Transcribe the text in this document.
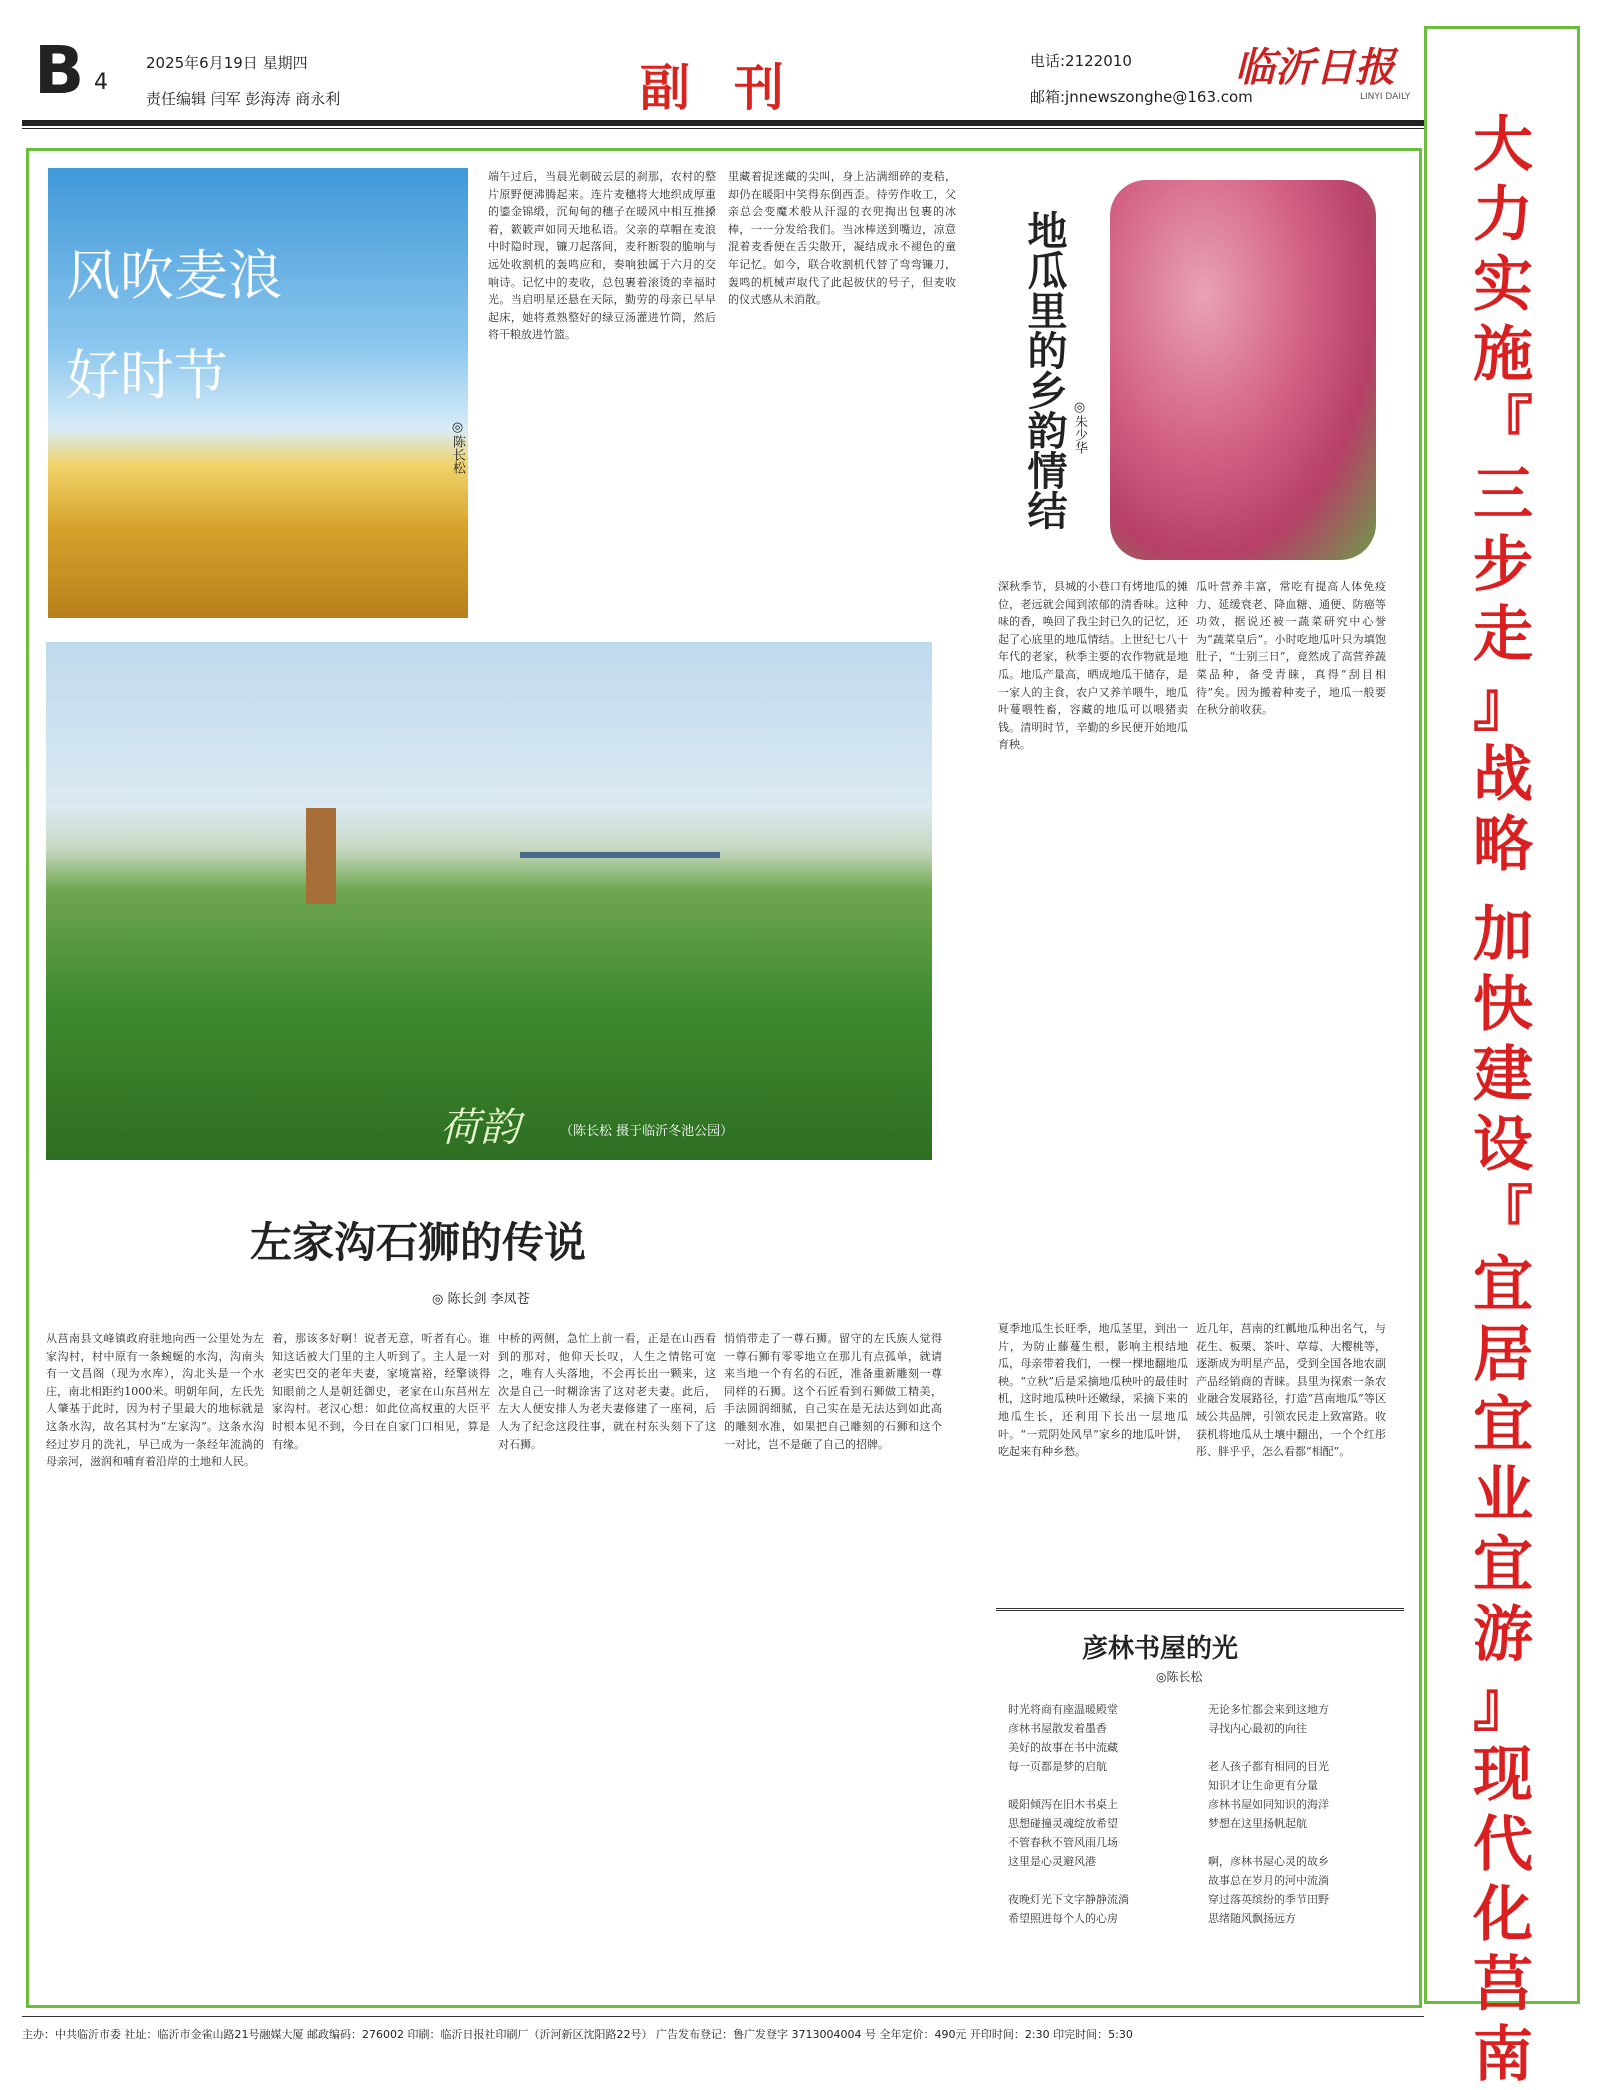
B 4
2025年6月19日 星期四
责任编辑 闫军 彭海涛 商永利	副刊	电话:2122010
邮箱:jnnewszonghe@163.com
临沂日报
LINYI DAILY
大
力
实
施
『
三
步
走
』
战
略

加
快
建
设
『
宜
居
宜
业
宜
游
』
现
代
化
莒
南
风吹麦浪
好时节
◎陈长松
端午过后，当晨光刺破云层的刹那，农村的整片原野便沸腾起来。连片麦穗将大地织成厚重的鎏金锦缎，沉甸甸的穗子在暖风中相互推搡着，簌簌声如同天地私语。父亲的草帽在麦浪中时隐时现，镰刀起落间，麦秆断裂的脆响与远处收割机的轰鸣应和，奏响独属于六月的交响诗。记忆中的麦收，总包裹着滚烫的幸福时光。当启明星还悬在天际，勤劳的母亲已早早起床，她将煮熟整好的绿豆汤灌进竹筒，然后将干粮放进竹篮。
里藏着捉迷藏的尖叫，身上沾满细碎的麦秸，却仍在暖阳中笑得东倒西歪。待劳作收工，父亲总会变魔术般从汗湿的衣兜掏出包裹的冰棒，一一分发给我们。当冰棒送到嘴边，凉意混着麦香便在舌尖散开，凝结成永不褪色的童年记忆。如今，联合收割机代替了弯弯镰刀，轰鸣的机械声取代了此起彼伏的号子，但麦收的仪式感从未消散。
荷韵	（陈长松 摄于临沂冬池公园）
地瓜里的乡韵情结 ◎朱少华
深秋季节，县城的小巷口有烤地瓜的摊位，老远就会闻到浓郁的清香味。这种味的香，唤回了我尘封已久的记忆，还起了心底里的地瓜情结。上世纪七八十年代的老家，秋季主要的农作物就是地瓜。地瓜产量高，晒成地瓜干储存，是一家人的主食，农户又养羊喂牛，地瓜叶蔓喂牲畜，容藏的地瓜可以喂猪卖钱。清明时节，辛勤的乡民便开始地瓜育秧。
瓜叶营养丰富，常吃有提高人体免疫力、延缓衰老、降血糖、通便、防癌等功效，据说还被一蔬菜研究中心誉为“蔬菜皇后”。小时吃地瓜叶只为填饱肚子，“士别三日”，竟然成了高营养蔬菜品种，备受青睐，真得“刮目相待”矣。因为搬着种麦子，地瓜一般要在秋分前收获。
夏季地瓜生长旺季，地瓜茎里，到出一片，为防止藤蔓生根，影响主根结地瓜，母亲带着我们，一棵一棵地翻地瓜秧。“立秋”后是采摘地瓜秧叶的最佳时机，这时地瓜秧叶还嫩绿，采摘下来的地瓜生长，还利用下长出一层地瓜叶。“一荒阴处风旱”家乡的地瓜叶饼，吃起来有种乡愁。
近几年，莒南的红瓤地瓜种出名气，与花生、板栗、茶叶、草莓、大樱桃等，逐渐成为明星产品，受到全国各地农副产品经销商的青睐。县里为探索一条农业融合发展路径，打造“莒南地瓜”等区域公共品牌，引领农民走上致富路。收获机将地瓜从土壤中翻出，一个个红彤彤、胖乎乎，怎么看都“相配”。
左家沟石狮的传说
◎ 陈长剑 李凤苍
从莒南县文峰镇政府驻地向西一公里处为左家沟村，村中原有一条蜿蜒的水沟，沟南头有一文昌阁（现为水库），沟北头是一个水庄，南北相距约1000米。明朝年间，左氏先人肇基于此时，因为村子里最大的地标就是这条水沟，故名其村为“左家沟”。这条水沟经过岁月的洗礼，早已成为一条经年流淌的母亲河，滋润和哺育着沿岸的土地和人民。
着，那该多好啊！说者无意，听者有心。谁知这话被大门里的主人听到了。主人是一对老实巴交的老年夫妻，家境富裕，经擎谈得知眼前之人是朝廷御史，老家在山东莒州左家沟村。老汉心想：如此位高权重的大臣平时根本见不到，今日在自家门口相见，算是有缘。
中桥的两侧，急忙上前一看，正是在山西看到的那对，他仰天长叹，人生之情铭可宽之，唯有人头落地，不会再长出一颗来，这次是自己一时糊涂害了这对老夫妻。此后，左大人便安排人为老夫妻修建了一座祠，后人为了纪念这段往事，就在村东头刻下了这对石狮。
悄悄带走了一尊石狮。留守的左氏族人觉得一尊石狮有零零地立在那儿有点孤单，就请来当地一个有名的石匠，准备重新雕刻一尊同样的石狮。这个石匠看到石狮做工精美，手法圆润细腻，自己实在是无法达到如此高的雕刻水准，如果把自己雕刻的石狮和这个一对比，岂不是砸了自己的招牌。
彦林书屋的光
◎陈长松
时光将商有座温暖殿堂
彦林书屋散发着墨香
美好的故事在书中流藏
每一页都是梦的启航

暖阳倾泻在旧木书桌上
思想碰撞灵魂绽放希望
不管春秋不管风雨几场
这里是心灵避风港

夜晚灯光下文字静静流淌
希望照进每个人的心房
无论多忙都会来到这地方
寻找内心最初的向往

老人孩子都有相同的目光
知识才让生命更有分量
彦林书屋如同知识的海洋
梦想在这里扬帆起航

啊，彦林书屋心灵的故乡
故事总在岁月的河中流淌
穿过落英缤纷的季节田野
思绪随风飘扬远方
主办：中共临沂市委 社址：临沂市金雀山路21号融媒大厦 邮政编码：276002 印刷：临沂日报社印刷厂（沂河新区沈阳路22号） 广告发布登记：鲁广发登字 3713004004 号 全年定价：490元 开印时间：2:30 印完时间：5:30
